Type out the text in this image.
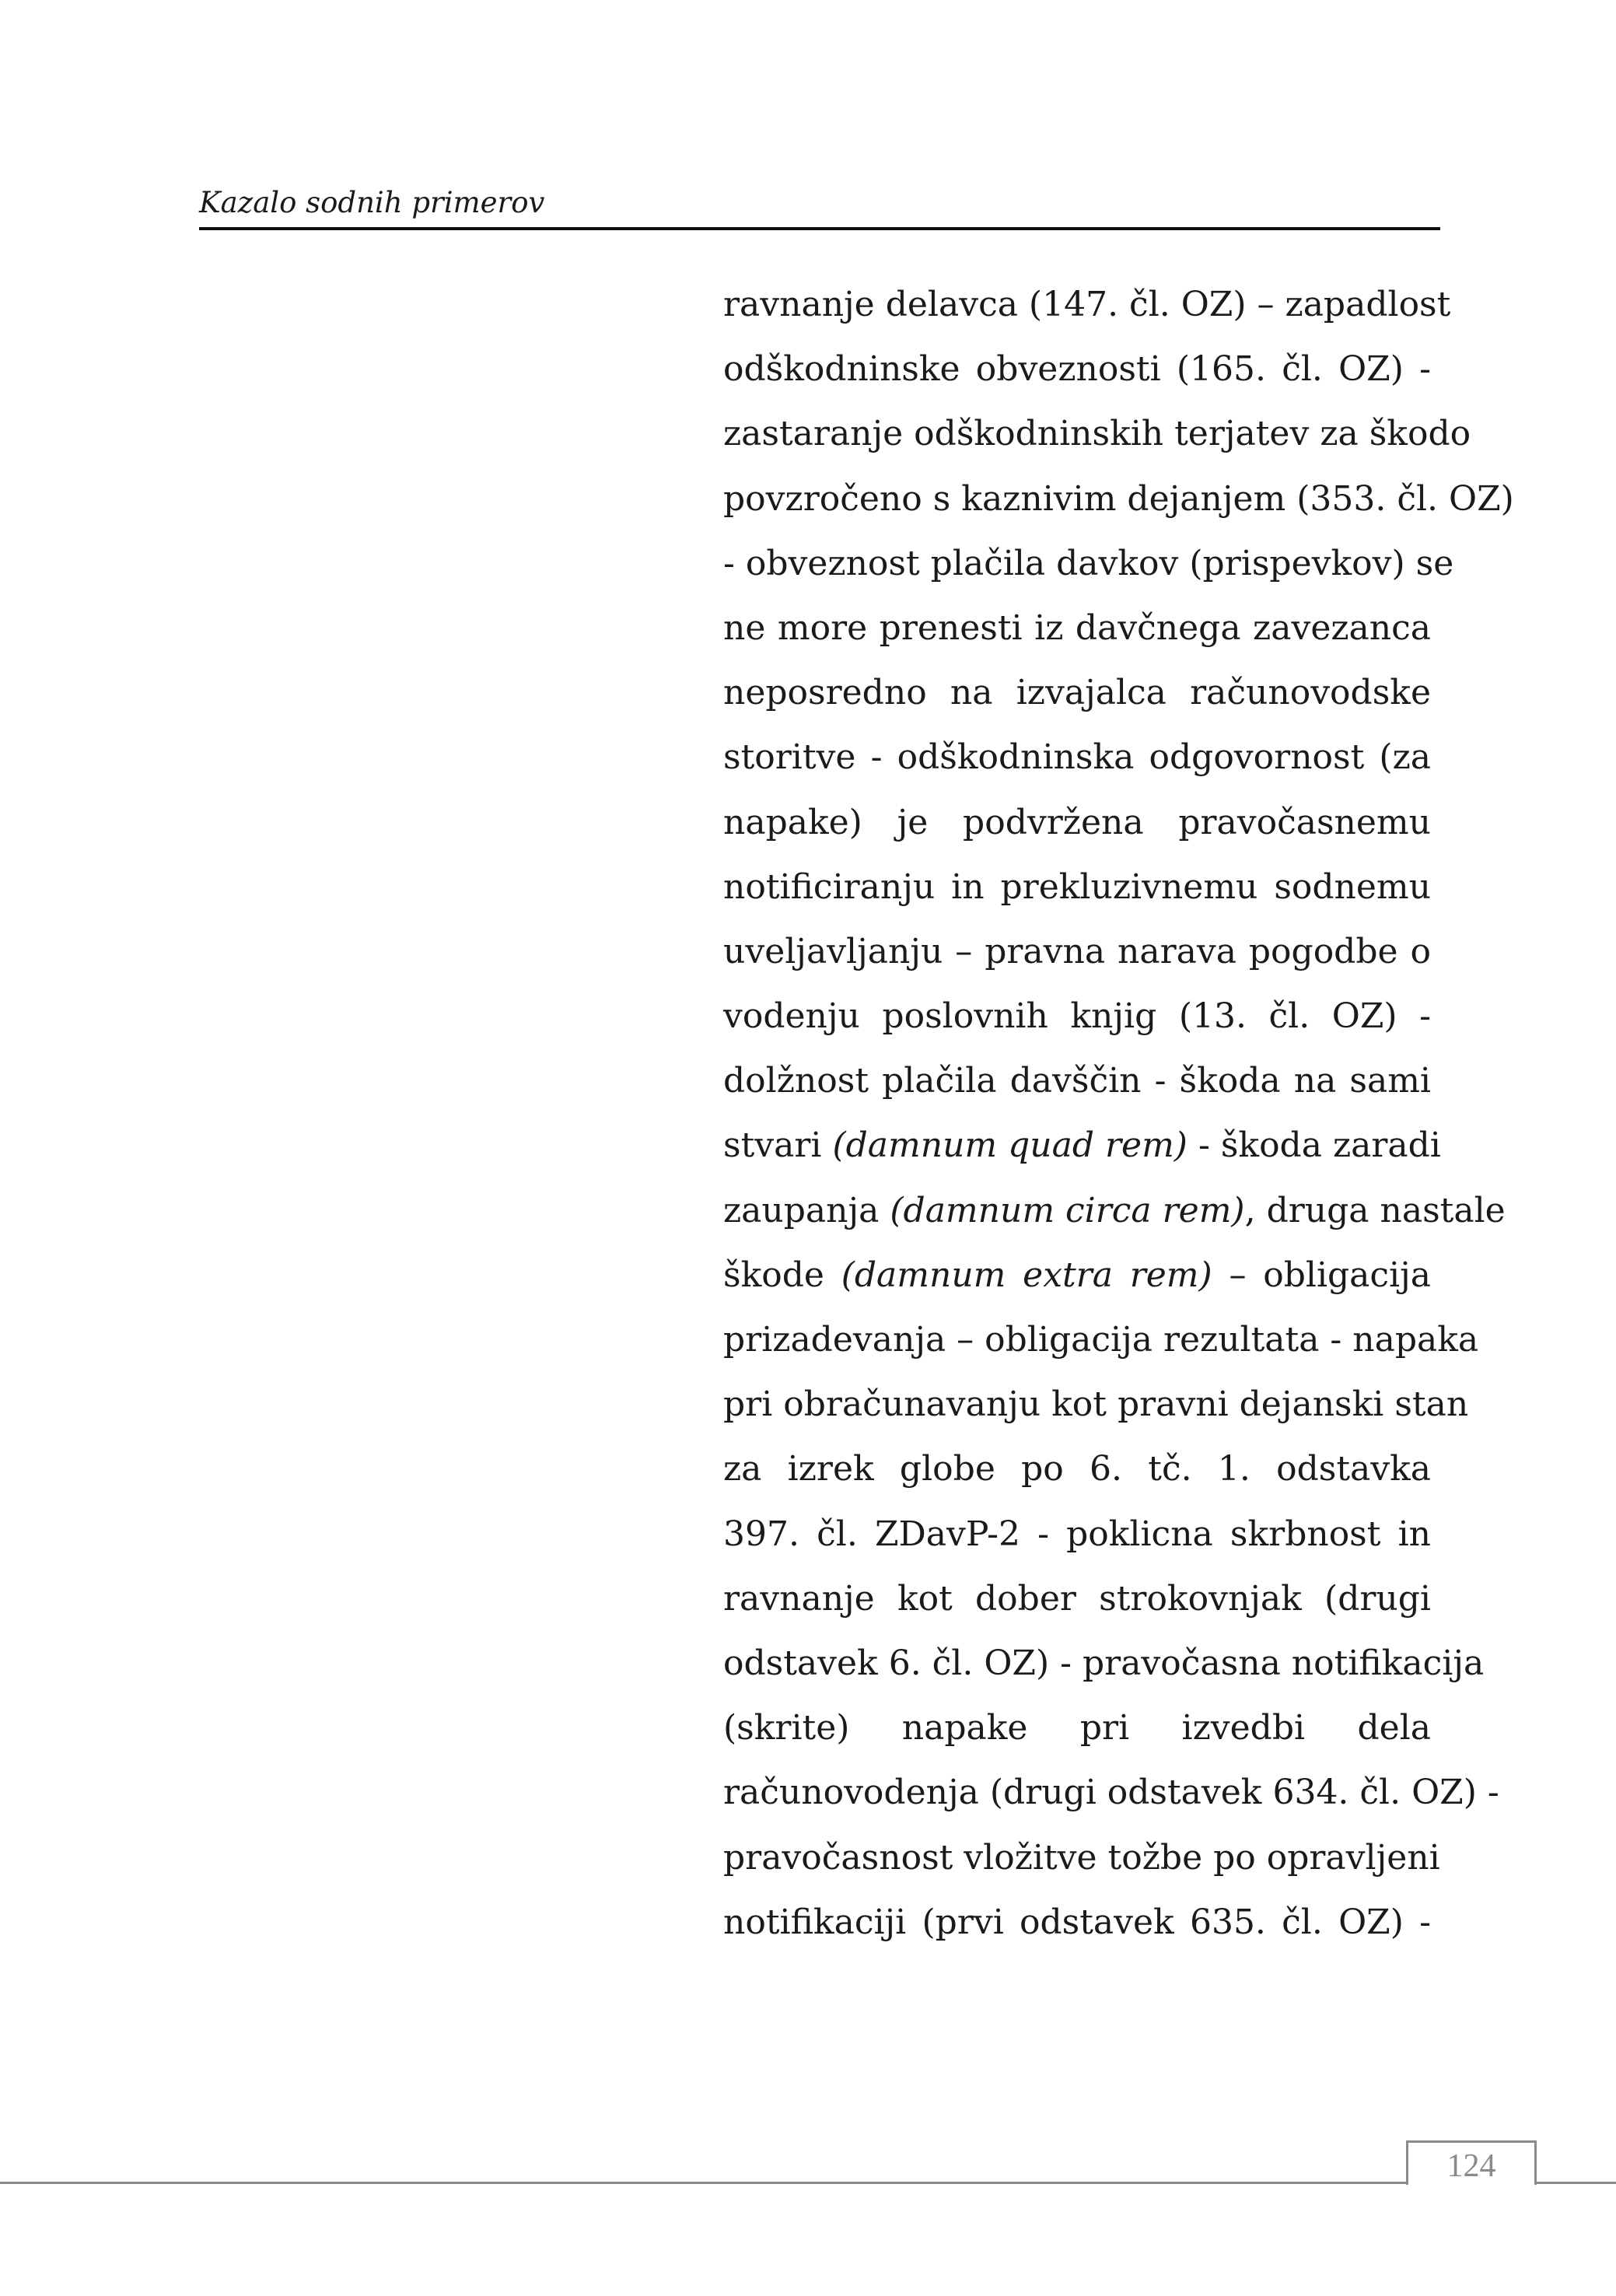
Kazalo sodnih primerov
ravnanje delavca (147. čl. OZ) – zapadlost
odškodninske obveznosti (165. čl. OZ) -
zastaranje odškodninskih terjatev za škodo
povzročeno s kaznivim dejanjem (353. čl. OZ)
- obveznost plačila davkov (prispevkov) se
ne more prenesti iz davčnega zavezanca
neposredno na izvajalca računovodske
storitve - odškodninska odgovornost (za
napake) je podvržena pravočasnemu
notificiranju in prekluzivnemu sodnemu
uveljavljanju – pravna narava pogodbe o
vodenju poslovnih knjig (13. čl. OZ) -
dolžnost plačila davščin - škoda na sami
stvari (damnum quad rem) - škoda zaradi
zaupanja (damnum circa rem), druga nastale
škode (damnum extra rem) – obligacija
prizadevanja – obligacija rezultata - napaka
pri obračunavanju kot pravni dejanski stan
za izrek globe po 6. tč. 1. odstavka
397. čl. ZDavP-2 - poklicna skrbnost in
ravnanje kot dober strokovnjak (drugi
odstavek 6. čl. OZ) - pravočasna notifikacija
(skrite) napake pri izvedbi dela
računovodenja (drugi odstavek 634. čl. OZ) -
pravočasnost vložitve tožbe po opravljeni
notifikaciji (prvi odstavek 635. čl. OZ) -
124
